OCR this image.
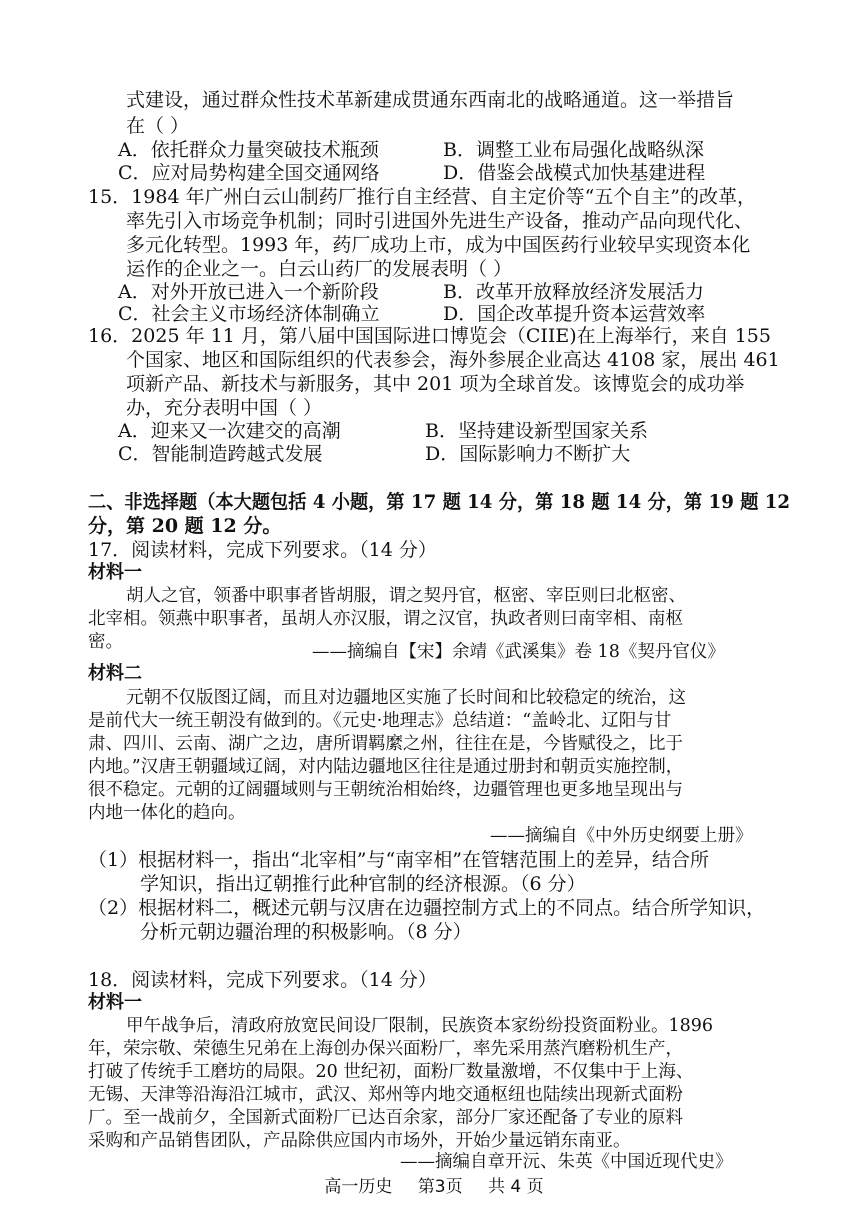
式建设，通过群众性技术革新建成贯通东西南北的战略通道。这一举措旨
在（ ）
A．依托群众力量突破技术瓶颈	B．调整工业布局强化战略纵深
C．应对局势构建全国交通网络	D．借鉴会战模式加快基建进程
15．1984 年广州白云山制药厂推行自主经营、自主定价等“五个自主”的改革，
率先引入市场竞争机制；同时引进国外先进生产设备，推动产品向现代化、
多元化转型。1993 年，药厂成功上市，成为中国医药行业较早实现资本化
运作的企业之一。白云山药厂的发展表明（ ）
A．对外开放已进入一个新阶段	B．改革开放释放经济发展活力
C．社会主义市场经济体制确立	D．国企改革提升资本运营效率
16．2025 年 11 月，第八届中国国际进口博览会（CIIE)在上海举行，来自 155
个国家、地区和国际组织的代表参会，海外参展企业高达 4108 家，展出 461
项新产品、新技术与新服务，其中 201 项为全球首发。该博览会的成功举
办，充分表明中国（ ）
A．迎来又一次建交的高潮	B．坚持建设新型国家关系
C．智能制造跨越式发展	D．国际影响力不断扩大
二、非选择题（本大题包括 4 小题，第 17 题 14 分，第 18 题 14 分，第 19 题 12
分，第 20 题 12 分。
17．阅读材料，完成下列要求。（14 分）
材料一
胡人之官，领番中职事者皆胡服，谓之契丹官，枢密、宰臣则曰北枢密、
北宰相。领燕中职事者，虽胡人亦汉服，谓之汉官，执政者则曰南宰相、南枢
密。	——摘编自【宋】余靖《武溪集》卷 18《契丹官仪》
材料二
元朝不仅版图辽阔，而且对边疆地区实施了长时间和比较稳定的统治，这
是前代大一统王朝没有做到的。《元史·地理志》总结道：“盖岭北、辽阳与甘
肃、四川、云南、湖广之边，唐所谓羁縻之州，往往在是，今皆赋役之，比于
内地。”汉唐王朝疆域辽阔，对内陆边疆地区往往是通过册封和朝贡实施控制，
很不稳定。元朝的辽阔疆域则与王朝统治相始终，边疆管理也更多地呈现出与
内地一体化的趋向。
——摘编自《中外历史纲要上册》
（1）根据材料一，指出“北宰相”与“南宰相”在管辖范围上的差异，结合所
学知识，指出辽朝推行此种官制的经济根源。（6 分）
（2）根据材料二，概述元朝与汉唐在边疆控制方式上的不同点。结合所学知识，
分析元朝边疆治理的积极影响。（8 分）
18．阅读材料，完成下列要求。（14 分）
材料一
甲午战争后，清政府放宽民间设厂限制，民族资本家纷纷投资面粉业。1896
年，荣宗敬、荣德生兄弟在上海创办保兴面粉厂，率先采用蒸汽磨粉机生产，
打破了传统手工磨坊的局限。20 世纪初，面粉厂数量激增，不仅集中于上海、
无锡、天津等沿海沿江城市，武汉、郑州等内地交通枢纽也陆续出现新式面粉
厂。至一战前夕，全国新式面粉厂已达百余家，部分厂家还配备了专业的原料
采购和产品销售团队，产品除供应国内市场外，开始少量远销东南亚。
——摘编自章开沅、朱英《中国近现代史》
高一历史 第3页 共 4 页
